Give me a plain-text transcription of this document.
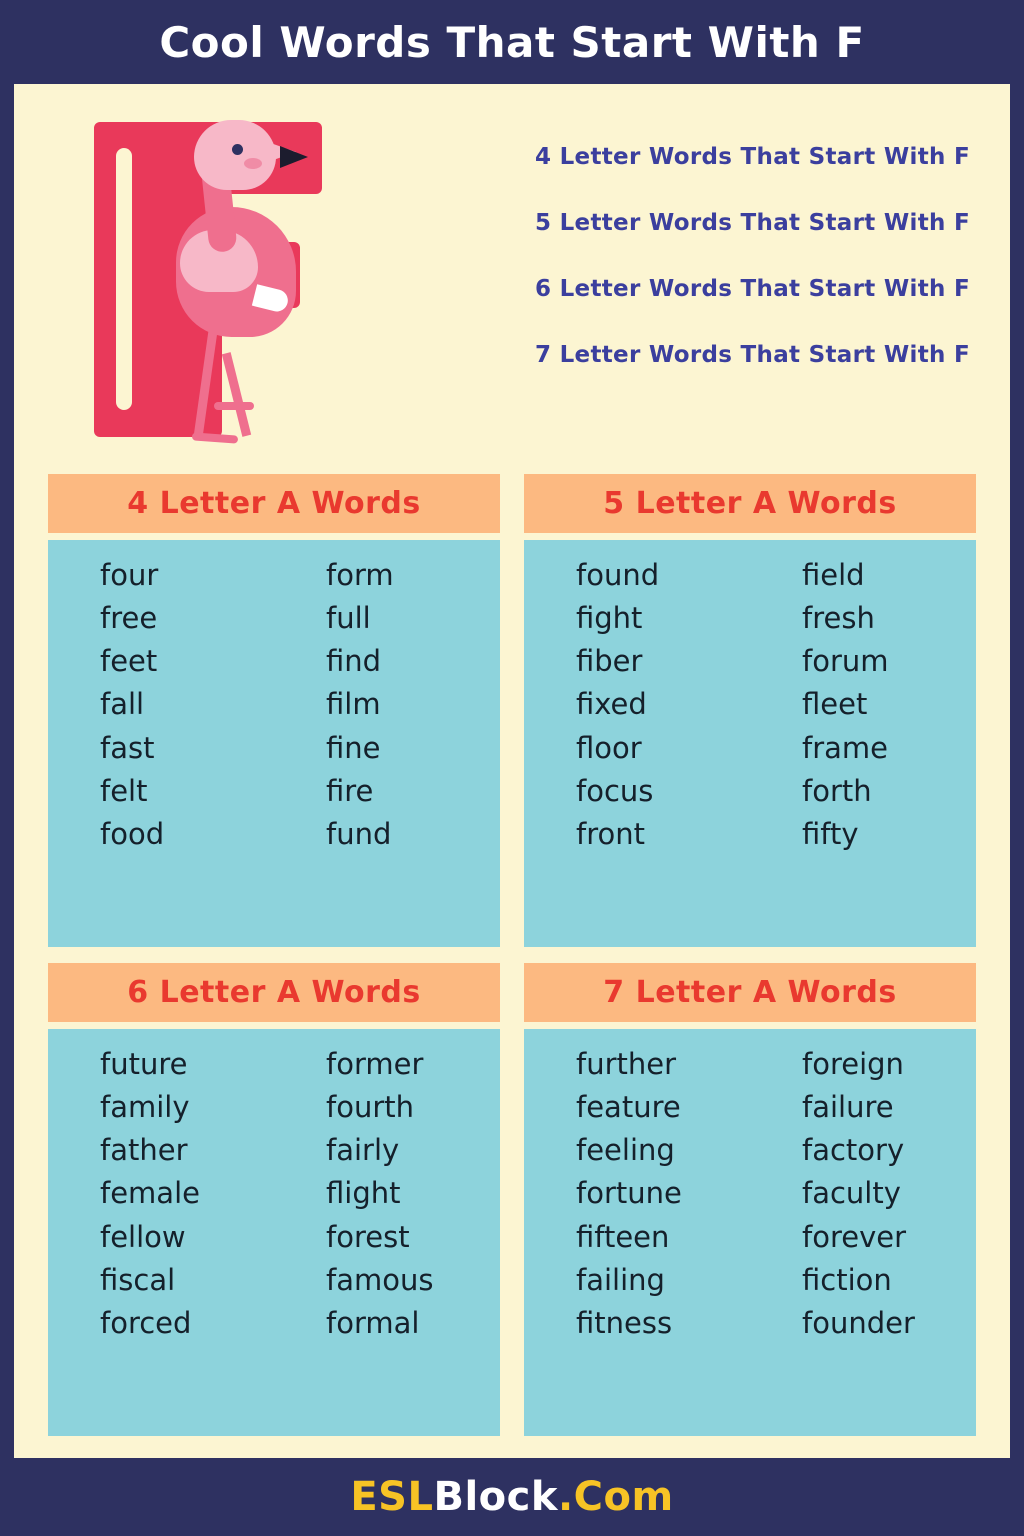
Cool Words That Start With F
4 Letter Words That Start With F
5 Letter Words That Start With F
6 Letter Words That Start With F
7 Letter Words That Start With F
4 Letter A Words
four
free
feet
fall
fast
felt
food
form
full
find
film
fine
fire
fund
5 Letter A Words
found
fight
fiber
fixed
floor
focus
front
field
fresh
forum
fleet
frame
forth
fifty
6 Letter A Words
future
family
father
female
fellow
fiscal
forced
former
fourth
fairly
flight
forest
famous
formal
7 Letter A Words
further
feature
feeling
fortune
fifteen
failing
fitness
foreign
failure
factory
faculty
forever
fiction
founder
ESLBlock.Com
